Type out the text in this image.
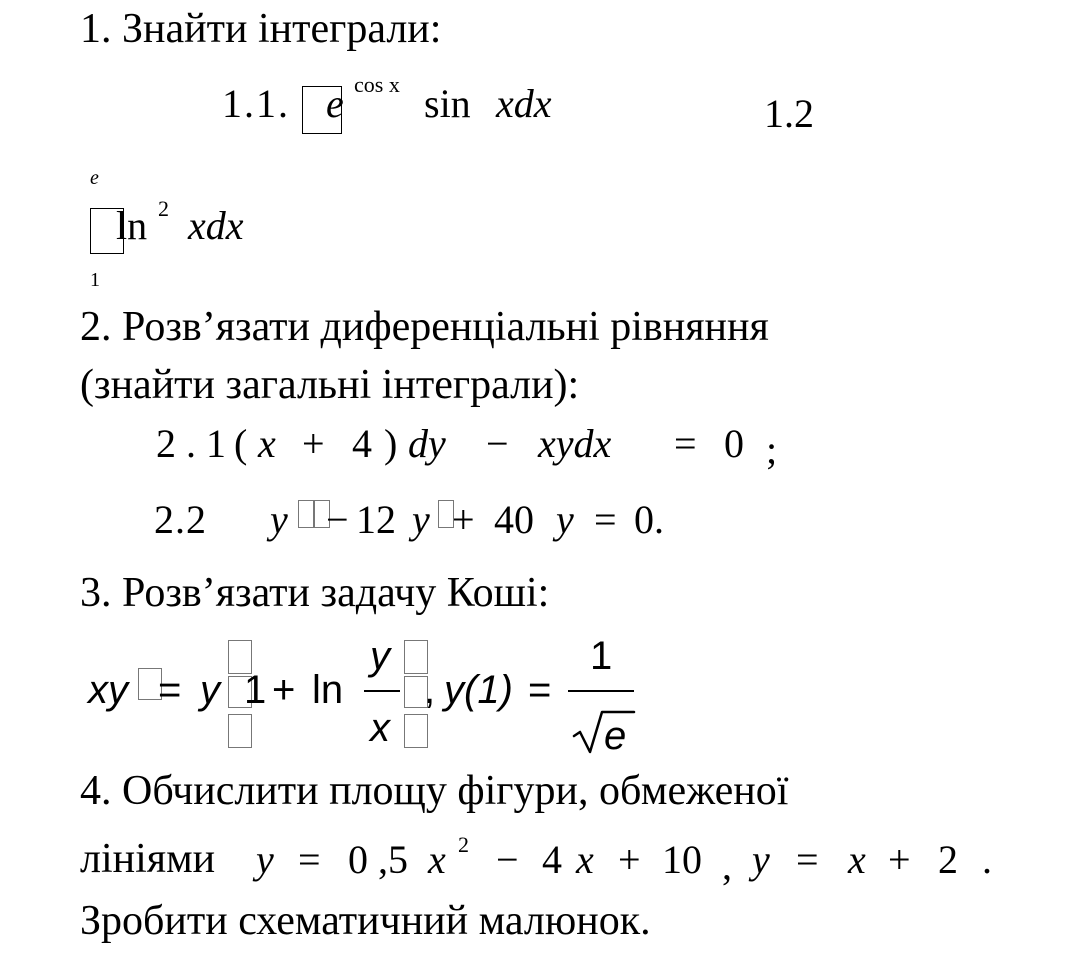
1. Знайти інтеграли:
1.1. e cos x sin xdx	1.2
e
ln 2 xdx
1
2. Розв’язати диференціальні рівняння
(знайти загальні інтеграли):
2 . 1 ( x + 4 ) dy − xydx = 0 ;
2.2 y − 12 y + 40 y = 0.
3. Розв’язати задачу Коші:
xy = y 1 + ln
y
x
, y(1) =
1
e
4. Обчислити площу фігури, обмеженої
лініями y = 0 ,5 x 2 − 4 x + 10 , y = x + 2 .
Зробити схематичний малюнок.
